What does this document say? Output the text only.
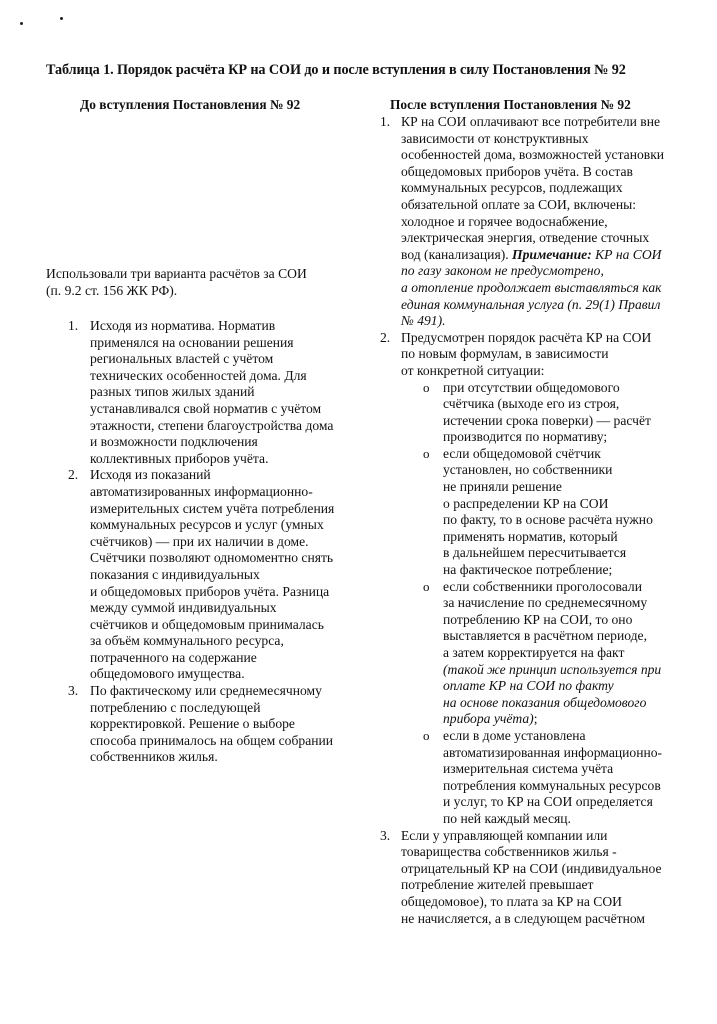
Таблица 1. Порядок расчёта КР на СОИ до и после вступления в силу Постановления № 92
До вступления Постановления № 92	После вступления Постановления № 92
Использовали три варианта расчётов за СОИ
(п. 9.2 ст. 156 ЖК РФ).
1. Исходя из норматива. Норматив
применялся на основании решения
региональных властей с учётом
технических особенностей дома. Для
разных типов жилых зданий
устанавливался свой норматив с учётом
этажности, степени благоустройства дома
и возможности подключения
коллективных приборов учёта.
2. Исходя из показаний
автоматизированных информационно-
измерительных систем учёта потребления
коммунальных ресурсов и услуг (умных
счётчиков) — при их наличии в доме.
Счётчики позволяют одномоментно снять
показания с индивидуальных
и общедомовых приборов учёта. Разница
между суммой индивидуальных
счётчиков и общедомовым принималась
за объём коммунального ресурса,
потраченного на содержание
общедомового имущества.
3. По фактическому или среднемесячному
потреблению с последующей
корректировкой. Решение о выборе
способа принималось на общем собрании
собственников жилья.
1. КР на СОИ оплачивают все потребители вне
зависимости от конструктивных
особенностей дома, возможностей установки
общедомовых приборов учёта. В состав
коммунальных ресурсов, подлежащих
обязательной оплате за СОИ, включены:
холодное и горячее водоснабжение,
электрическая энергия, отведение сточных
вод (канализация). Примечание: КР на СОИ
по газу законом не предусмотрено,
а отопление продолжает выставляться как
единая коммунальная услуга (п. 29(1) Правил
№ 491).
2. Предусмотрен порядок расчёта КР на СОИ
по новым формулам, в зависимости
от конкретной ситуации:
o при отсутствии общедомового
счётчика (выходе его из строя,
истечении срока поверки) — расчёт
производится по нормативу;
o если общедомовой счётчик
установлен, но собственники
не приняли решение
о распределении КР на СОИ
по факту, то в основе расчёта нужно
применять норматив, который
в дальнейшем пересчитывается
на фактическое потребление;
o если собственники проголосовали
за начисление по среднемесячному
потреблению КР на СОИ, то оно
выставляется в расчётном периоде,
а затем корректируется на факт
(такой же принцип используется при
оплате КР на СОИ по факту
на основе показания общедомового
прибора учёта);
o если в доме установлена
автоматизированная информационно-
измерительная система учёта
потребления коммунальных ресурсов
и услуг, то КР на СОИ определяется
по ней каждый месяц.
3. Если у управляющей компании или
товарищества собственников жилья -
отрицательный КР на СОИ (индивидуальное
потребление жителей превышает
общедомовое), то плата за КР на СОИ
не начисляется, а в следующем расчётном
